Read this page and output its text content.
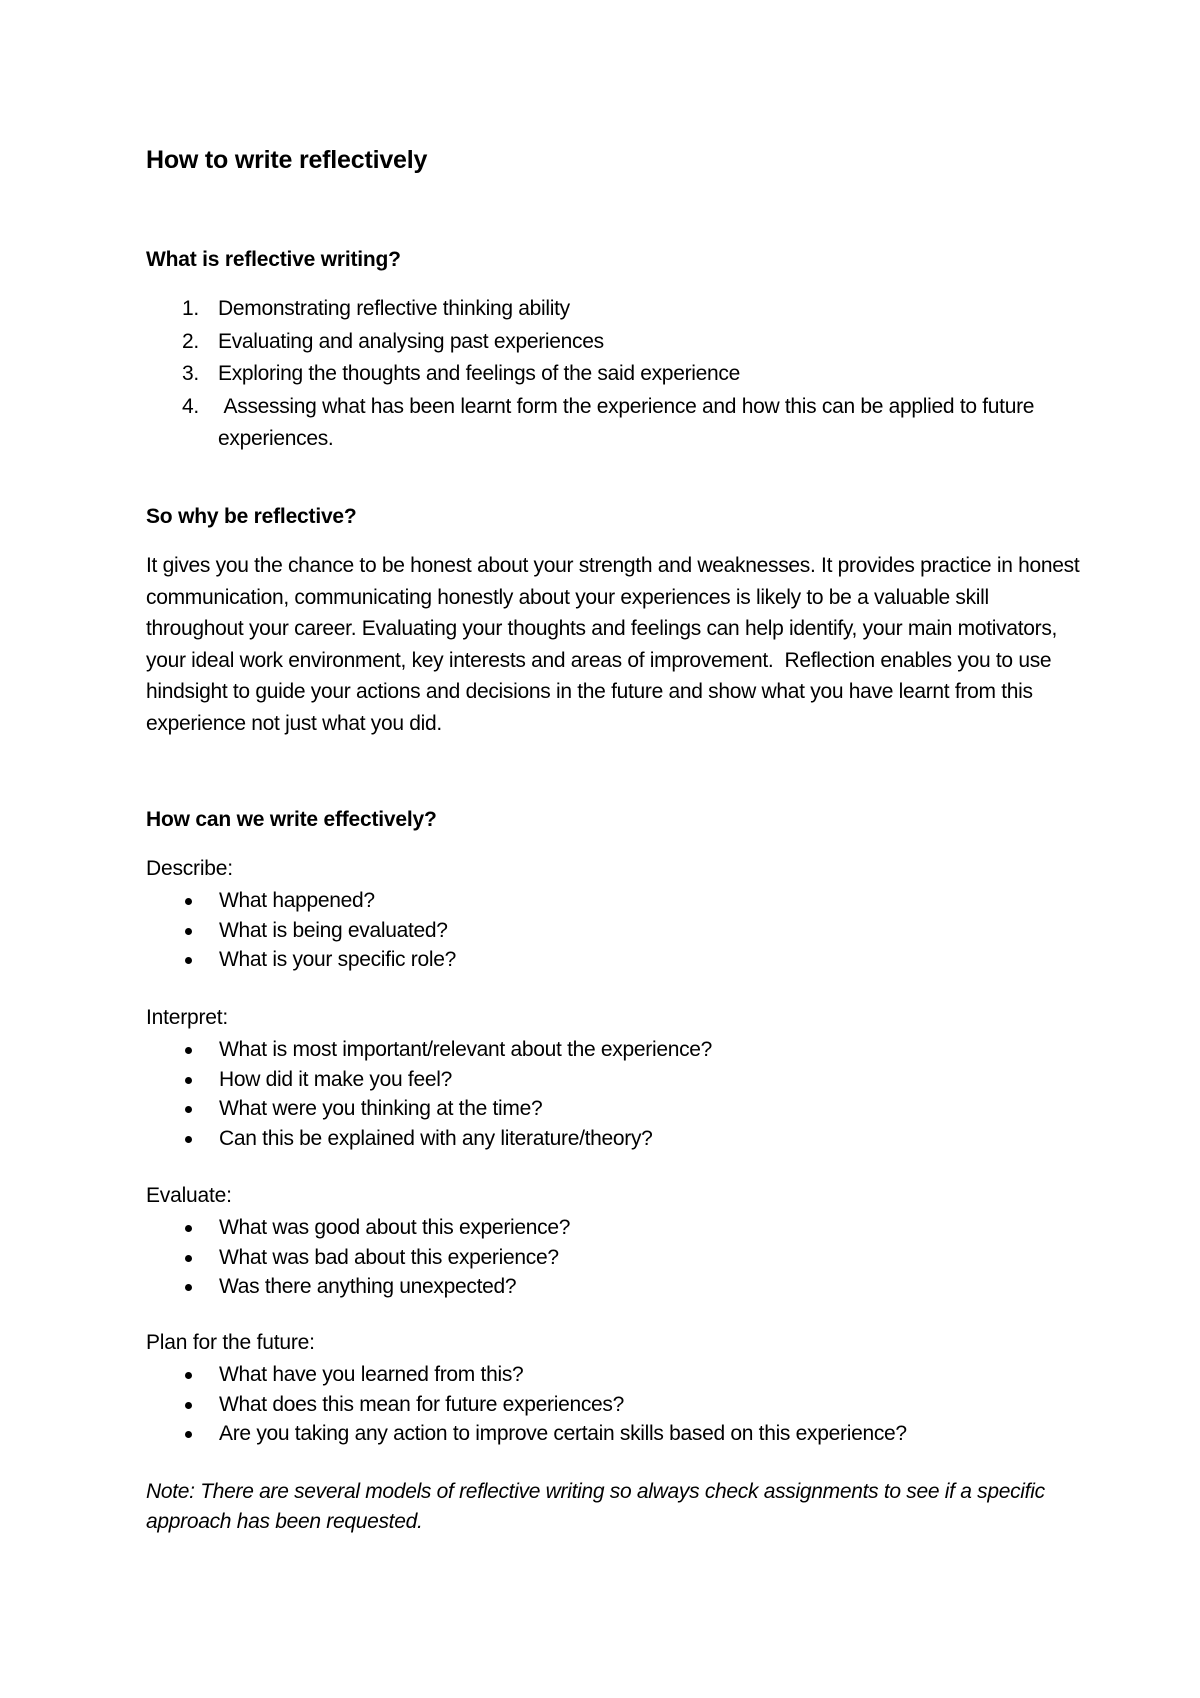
How to write reflectively
What is reflective writing?
1. Demonstrating reflective thinking ability
2. Evaluating and analysing past experiences
3. Exploring the thoughts and feelings of the said experience
4. Assessing what has been learnt form the experience and how this can be applied to future experiences.
So why be reflective?

It gives you the chance to be honest about your strength and weaknesses. It provides practice in honest communication, communicating honestly about your experiences is likely to be a valuable skill throughout your career. Evaluating your thoughts and feelings can help identify, your main motivators, your ideal work environment, key interests and areas of improvement.  Reflection enables you to use hindsight to guide your actions and decisions in the future and show what you have learnt from this experience not just what you did.

How can we write effectively?
Describe:
What happened?
What is being evaluated?
What is your specific role?
Interpret:
What is most important/relevant about the experience?
How did it make you feel?
What were you thinking at the time?
Can this be explained with any literature/theory?
Evaluate:
What was good about this experience?
What was bad about this experience?
Was there anything unexpected?
Plan for the future:
What have you learned from this?
What does this mean for future experiences?
Are you taking any action to improve certain skills based on this experience?

Note: There are several models of reflective writing so always check assignments to see if a specific approach has been requested.
